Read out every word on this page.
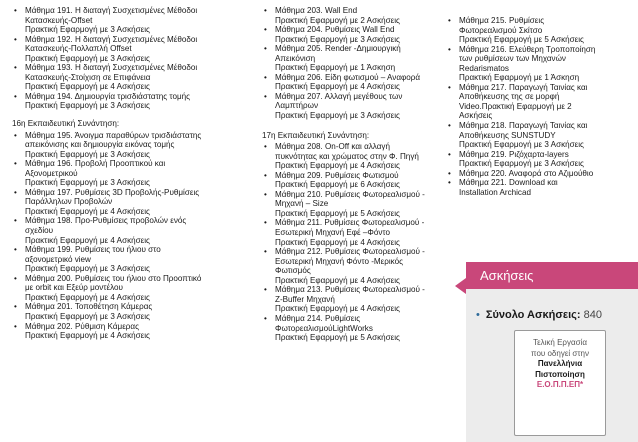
• Μάθημα 191. Η διαταγή Συσχετισμένες Μέθοδοι
Κατασκευής-Offset
Πρακτική Εφαρμογή με 3 Ασκήσεις
• Μάθημα 192. Η διαταγή Συσχετισμένες Μέθοδοι
Κατασκευής-Πολλαπλή Offset
Πρακτική Εφαρμογή με 3 Ασκήσεις
• Μάθημα 193. Η διαταγή Συσχετισμένες Μέθοδοι
Κατασκευής-Στοίχιση σε Επιφάνεια
Πρακτική Εφαρμογή με 4 Ασκήσεις
• Μάθημα 194. Δημιουργία τρισδιάστατης τομής
Πρακτική Εφαρμογή με 3 Ασκήσεις
16η Εκπαιδευτική Συνάντηση:
• Μάθημα 195. Άνοιγμα παραθύρων τρισδιάστατης
απεικόνισης και δημιουργία εικόνας τομής
Πρακτική Εφαρμογή με 3 Ασκήσεις
• Μάθημα 196. Προβολή Προοπτικού και
Αξονομετρικού
Πρακτική Εφαρμογή με 3 Ασκήσεις
• Μάθημα 197. Ρυθμίσεις 3D Προβολής-Ρυθμίσεις
Παράλληλων Προβολών
Πρακτική Εφαρμογή με 4 Ασκήσεις
• Μάθημα 198. Προ-Ρυθμίσεις προβολών ενός
σχεδίου
Πρακτική Εφαρμογή με 4 Ασκήσεις
• Μάθημα 199. Ρυθμίσεις του ήλιου στο
αξονομετρικό view
Πρακτική Εφαρμογή με 3 Ασκήσεις
• Μάθημα 200. Ρυθμίσεις του ήλιου στο Προοπτικό
με orbit και Εξεύρ μοντέλου
Πρακτική Εφαρμογή με 4 Ασκήσεις
• Μάθημα 201. Τοποθέτηση Κάμερας
Πρακτική Εφαρμογή με 3 Ασκήσεις
• Μάθημα 202. Ρύθμιση Κάμερας
Πρακτική Εφαρμογή με 4 Ασκήσεις
• Μάθημα 203. Wall End
Πρακτική Εφαρμογή με 2 Ασκήσεις
• Μάθημα 204. Ρυθμίσεις Wall End
Πρακτική Εφαρμογή με 3 Ασκήσεις
• Μάθημα 205. Render -Δημιουργική
Απεικόνιση
Πρακτική Εφαρμογή με 1 Άσκηση
• Μάθημα 206. Είδη φωτισμού – Αναφορά
Πρακτική Εφαρμογή με 4 Ασκήσεις
• Μάθημα 207. Αλλαγή μεγέθους των
Λαμπτήρων
Πρακτική Εφαρμογή με 3 Ασκήσεις
17η Εκπαιδευτική Συνάντηση:
• Μάθημα 208. On-Off και αλλαγή
πυκνότητας και χρώματος στην Φ. Πηγή
Πρακτική Εφαρμογή με 4 Ασκήσεις
• Μάθημα 209. Ρυθμίσεις Φωτισμού
Πρακτική Εφαρμογή με 6 Ασκήσεις
• Μάθημα 210. Ρυθμίσεις Φωτορεαλισμού -
Μηχανή – Size
Πρακτική Εφαρμογή με 5 Ασκήσεις
• Μάθημα 211. Ρυθμίσεις Φωτορεαλισμού -
Εσωτερική Μηχανή Εφέ –Φόντο
Πρακτική Εφαρμογή με 4 Ασκήσεις
• Μάθημα 212. Ρυθμίσεις Φωτορεαλισμού -
Εσωτερική Μηχανή Φόντο -Μερικός
Φωτισμός
Πρακτική Εφαρμογή με 4 Ασκήσεις
• Μάθημα 213. Ρυθμίσεις Φωτορεαλισμού -
Z-Buffer Μηχανή
Πρακτική Εφαρμογή με 4 Ασκήσεις
• Μάθημα 214. Ρυθμίσεις
ΦωτορεαλισμούLightWorks
Πρακτική Εφαρμογή με 5 Ασκήσεις
• Μάθημα 215. Ρυθμίσεις
Φωτορεαλισμού Σκίτσο
Πρακτική Εφαρμογή με 5 Ασκήσεις
• Μάθημα 216. Ελεύθερη Τροποποίηση
των ρυθμίσεων των Μηχανών
Redarismatos
Πρακτική Εφαρμογή με 1 Άσκηση
• Μάθημα 217. Παραγωγή Ταινίας και
Αποθήκευσης της σε μορφή
Video.Πρακτική Εφαρμογή με 2
Ασκήσεις
• Μάθημα 218. Παραγωγή Ταινίας και
Αποθήκευσης SUNSTUDY
Πρακτική Εφαρμογή με 3 Ασκήσεις
• Μάθημα 219. Ριζόχαρτα-layers
Πρακτική Εφαρμογή με 3 Ασκήσεις
• Μάθημα 220. Αναφορά στο Αζιμούθιο
• Μάθημα 221. Download και
Installation Archicad
Ασκήσεις
• Σύνολο Ασκήσεις: 840
Τελική Εργασία
που οδηγεί στην
Πανελλήνια
Πιστοποίηση
Ε.Ο.Π.Π.ΕΠ*
